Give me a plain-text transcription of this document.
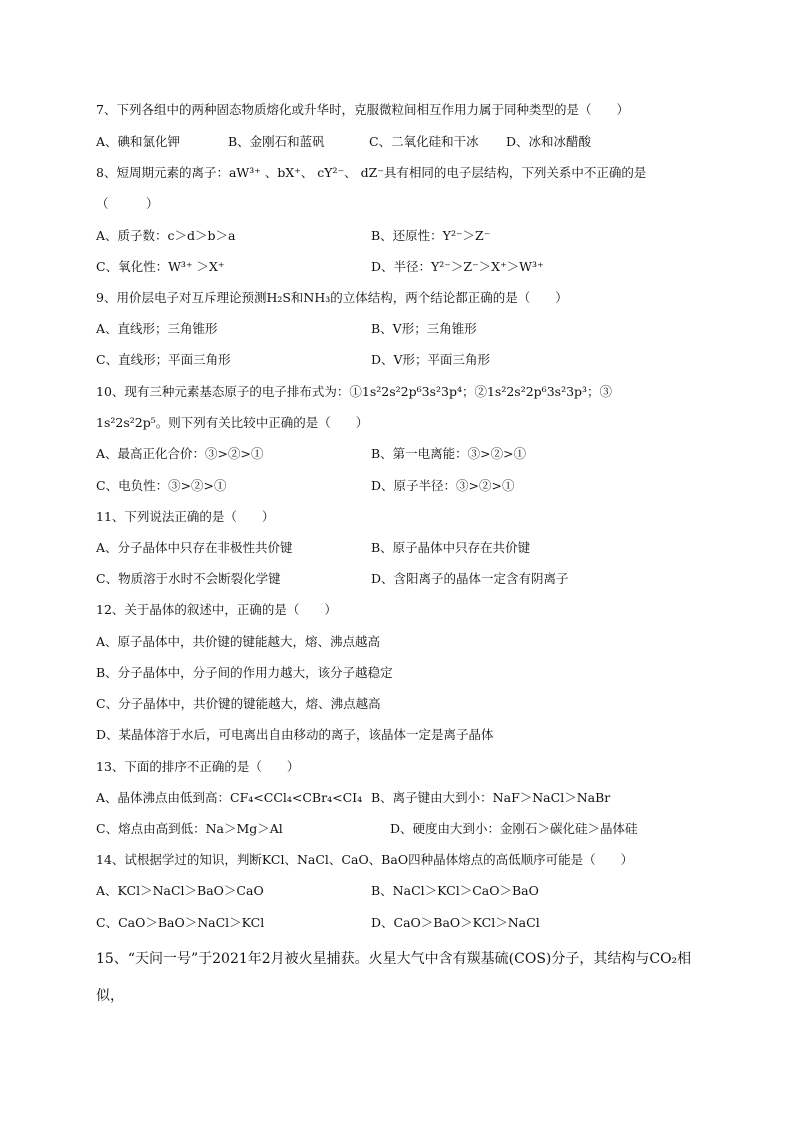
7、下列各组中的两种固态物质熔化或升华时，克服微粒间相互作用力属于同种类型的是（　　）
A、碘和氯化钾	B、金刚石和蓝矾	C、二氧化硅和干冰 D、冰和冰醋酸
8、短周期元素的离子：aW³⁺ 、bX⁺、 cY²⁻、 dZ⁻具有相同的电子层结构，下列关系中不正确的是
（　　　）
A、质子数：c＞d＞b＞a	B、还原性：Y²⁻＞Z⁻
C、氧化性：W³⁺ ＞X⁺	D、半径：Y²⁻＞Z⁻＞X⁺＞W³⁺
9、用价层电子对互斥理论预测H₂S和NH₃的立体结构，两个结论都正确的是（　　）
A、直线形；三角锥形	B、V形；三角锥形
C、直线形；平面三角形	D、V形；平面三角形
10、现有三种元素基态原子的电子排布式为：①1s²2s²2p⁶3s²3p⁴；②1s²2s²2p⁶3s²3p³；③
1s²2s²2p⁵。则下列有关比较中正确的是（　　）
A、最高正化合价：③>②>①	B、第一电离能：③>②>①
C、电负性：③>②>①	D、原子半径：③>②>①
11、下列说法正确的是（　　）
A、分子晶体中只存在非极性共价键	B、原子晶体中只存在共价键
C、物质溶于水时不会断裂化学键	D、含阳离子的晶体一定含有阴离子
12、关于晶体的叙述中，正确的是（　　）
A、原子晶体中，共价键的键能越大，熔、沸点越高
B、分子晶体中，分子间的作用力越大，该分子越稳定
C、分子晶体中，共价键的键能越大，熔、沸点越高
D、某晶体溶于水后，可电离出自由移动的离子，该晶体一定是离子晶体
13、下面的排序不正确的是（　　）
A、晶体沸点由低到高：CF₄<CCl₄<CBr₄<CI₄ B、离子键由大到小：NaF＞NaCl＞NaBr
C、熔点由高到低：Na＞Mg＞Al	D、硬度由大到小：金刚石＞碳化硅＞晶体硅
14、试根据学过的知识，判断KCl、NaCl、CaO、BaO四种晶体熔点的高低顺序可能是（　　）
A、KCl＞NaCl＞BaO＞CaO	B、NaCl＞KCl＞CaO＞BaO
C、CaO＞BaO＞NaCl＞KCl	D、CaO＞BaO＞KCl＞NaCl
15、“天问一号”于2021年2月被火星捕获。火星大气中含有羰基硫(COS)分子，其结构与CO₂相
似，
